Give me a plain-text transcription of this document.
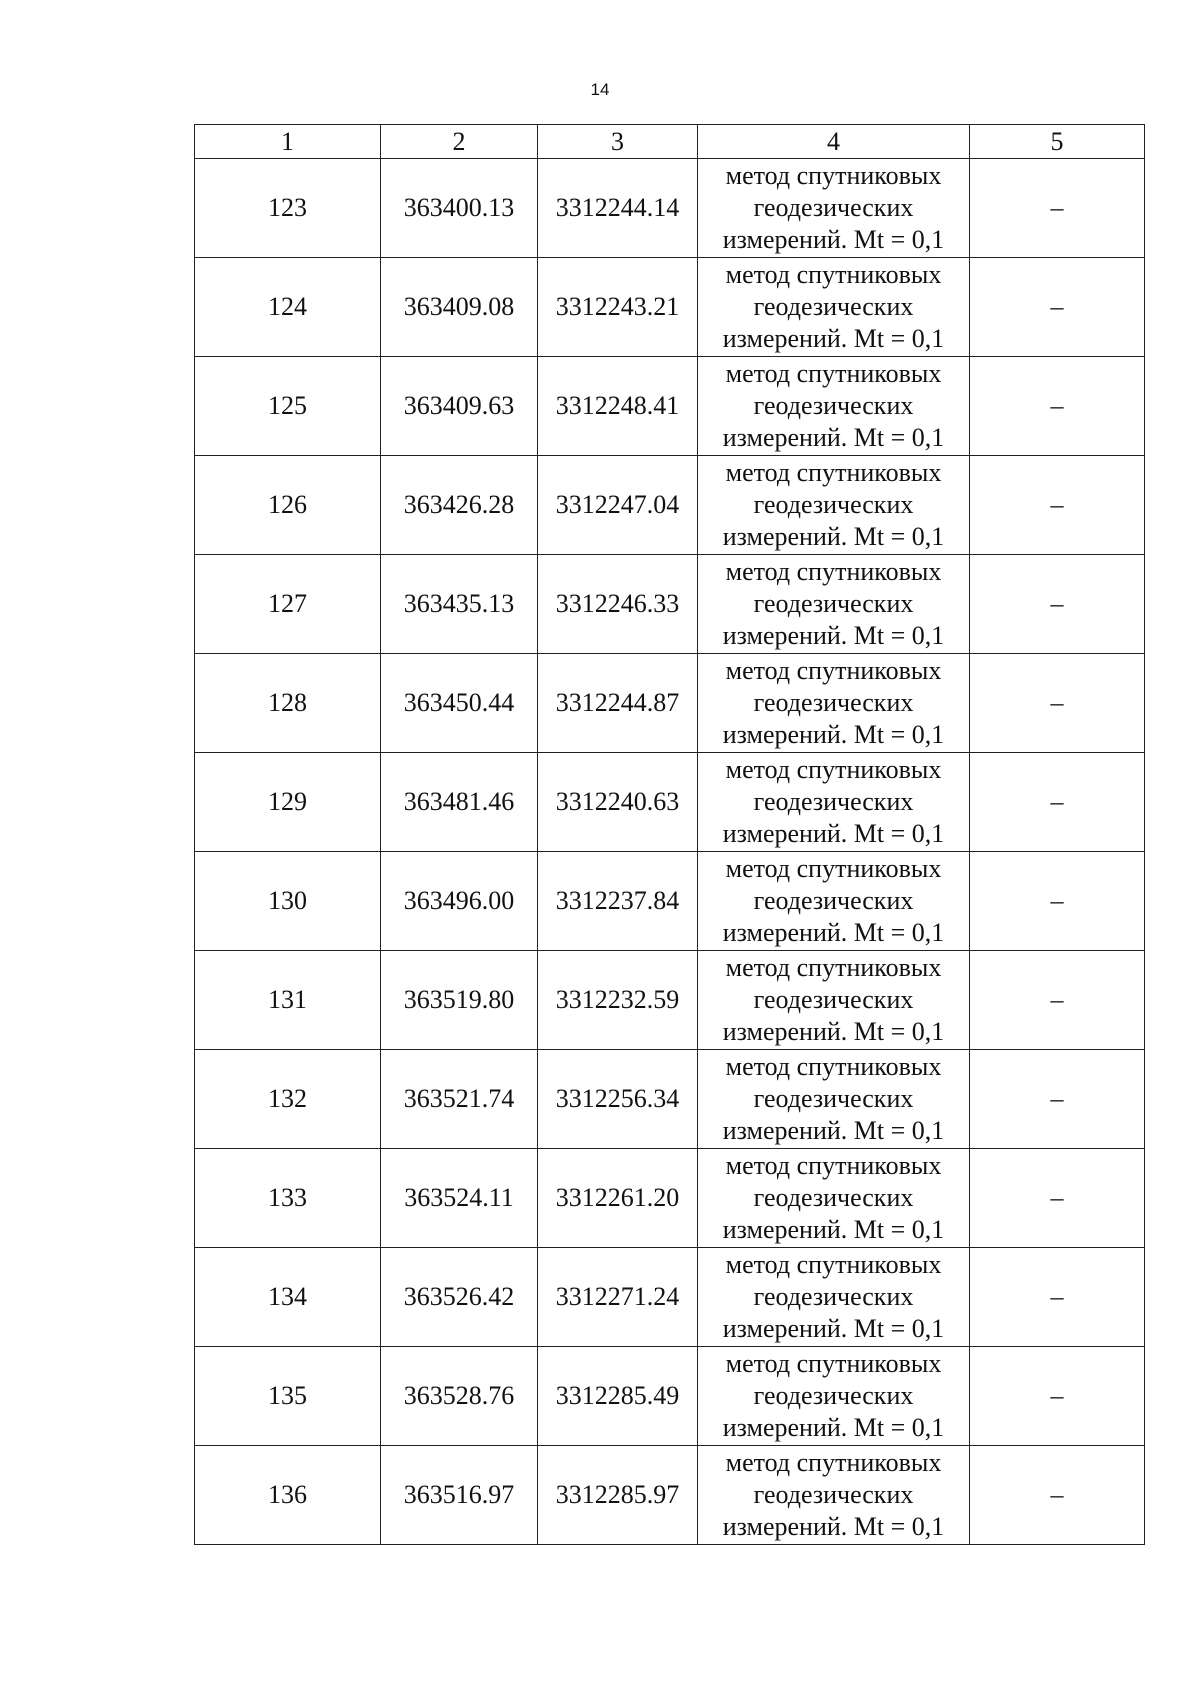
14
1	2	3	4	5
123	363400.13	3312244.14	метод спутниковых
геодезических
измерений. Mt = 0,1	–
124	363409.08	3312243.21	метод спутниковых
геодезических
измерений. Mt = 0,1	–
125	363409.63	3312248.41	метод спутниковых
геодезических
измерений. Mt = 0,1	–
126	363426.28	3312247.04	метод спутниковых
геодезических
измерений. Mt = 0,1	–
127	363435.13	3312246.33	метод спутниковых
геодезических
измерений. Mt = 0,1	–
128	363450.44	3312244.87	метод спутниковых
геодезических
измерений. Mt = 0,1	–
129	363481.46	3312240.63	метод спутниковых
геодезических
измерений. Mt = 0,1	–
130	363496.00	3312237.84	метод спутниковых
геодезических
измерений. Mt = 0,1	–
131	363519.80	3312232.59	метод спутниковых
геодезических
измерений. Mt = 0,1	–
132	363521.74	3312256.34	метод спутниковых
геодезических
измерений. Mt = 0,1	–
133	363524.11	3312261.20	метод спутниковых
геодезических
измерений. Mt = 0,1	–
134	363526.42	3312271.24	метод спутниковых
геодезических
измерений. Mt = 0,1	–
135	363528.76	3312285.49	метод спутниковых
геодезических
измерений. Mt = 0,1	–
136	363516.97	3312285.97	метод спутниковых
геодезических
измерений. Mt = 0,1	–
